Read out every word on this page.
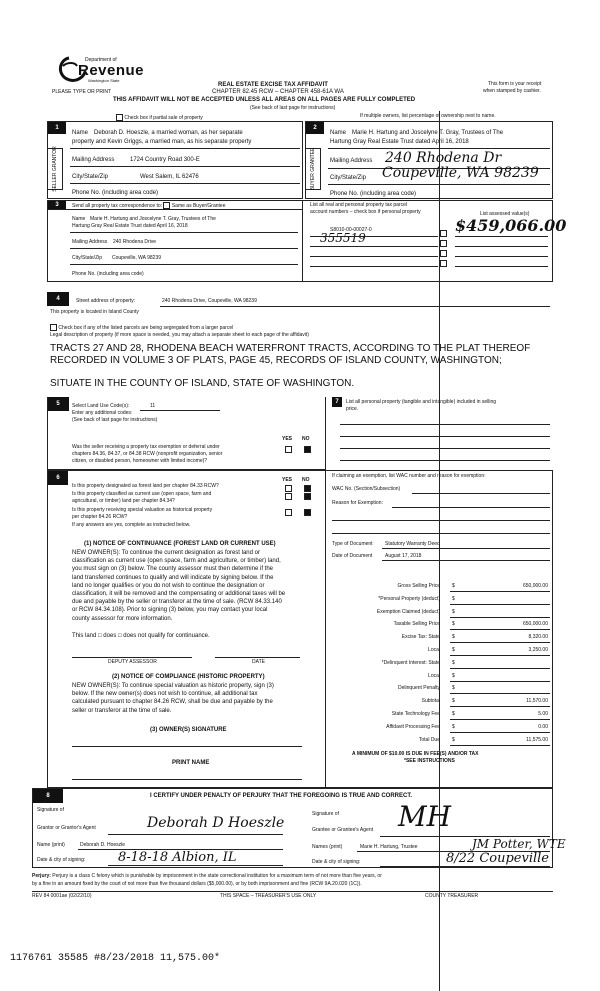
Department of
Revenue
Washington State
PLEASE TYPE OR PRINT
REAL ESTATE EXCISE TAX AFFIDAVIT
CHAPTER 82.45 RCW – CHAPTER 458-61A WA
THIS AFFIDAVIT WILL NOT BE ACCEPTED UNLESS ALL AREAS ON ALL PAGES ARE FULLY COMPLETED
(See back of last page for instructions)
This form is your receipt
when stamped by cashier.
Check box if partial sale of property	If multiple owners, list percentage of ownership next to name.
1
SELLER GRANTOR
Name Deborah D. Hoeszle, a married woman, as her separate
property and Kevin Griggs, a married man, as his separate property
Mailing Address	1724 Country Road 300-E
City/State/Zip	West Salem, IL 62476
Phone No. (including area code)
2
BUYER GRANTEE
Name Marie H. Hartung and Joscelyne T. Gray, Trustees of The
Hartung Gray Real Estate Trust dated April 16, 2018
Mailing Address 240 Rhodena Dr
City/State/Zip Coupeville, WA 98239
Phone No. (including area code)
3	Send all property tax correspondence to: Same as Buyer/Grantee
Name Marie H. Hartung and Joscelyne T. Gray, Trustees of The
Hartung Gray Real Estate Trust dated April 16, 2018
Mailing Address 240 Rhodena Drive
City/State/Zip Coupeville, WA 98239
Phone No. (including area code)
List all real and personal property tax parcel
account numbers – check box if personal property	List assessed value(s)
S8010-00-00027-0
355519
$459,066.00
4	Street address of property:	240 Rhodena Drive, Coupeville, WA 98239
This property is located in Island County
Check box if any of the listed parcels are being segregated from a larger parcel
Legal description of property (if more space is needed, you may attach a separate sheet to each page of the affidavit)
TRACTS 27 AND 28, RHODENA BEACH WATERFRONT TRACTS, ACCORDING TO THE PLAT THEREOF
RECORDED IN VOLUME 3 OF PLATS, PAGE 45, RECORDS OF ISLAND COUNTY, WASHINGTON;
SITUATE IN THE COUNTY OF ISLAND, STATE OF WASHINGTON.
5	Select Land Use Code(s):	11
Enter any additional codes:
(See back of last page for instructions)
YES NO
Was the seller receiving a property tax exemption or deferral under
chapters 84.36, 84.37, or 84.38 RCW (nonprofit organization, senior
citizen, or disabled person, homeowner with limited income)?
7	List all personal property (tangible and intangible) included in selling
price.
6	YES NO
Is this property designated as forest land per chapter 84.33 RCW?
Is this property classified as current use (open space, farm and
agricultural, or timber) land per chapter 84.34?
Is this property receiving special valuation as historical property
per chapter 84.26 RCW?
If any answers are yes, complete as instructed below.
(1) NOTICE OF CONTINUANCE (FOREST LAND OR CURRENT USE)
NEW OWNER(S): To continue the current designation as forest land or
classification as current use (open space, farm and agriculture, or timber) land,
you must sign on (3) below. The county assessor must then determine if the
land transferred continues to qualify and will indicate by signing below. If the
land no longer qualifies or you do not wish to continue the designation or
classification, it will be removed and the compensating or additional taxes will be
due and payable by the seller or transferor at the time of sale. (RCW 84.33.140
or RCW 84.34.108). Prior to signing (3) below, you may contact your local
county assessor for more information.
This land □ does □ does not qualify for continuance.
DEPUTY ASSESSOR	DATE
(2) NOTICE OF COMPLIANCE (HISTORIC PROPERTY)
NEW OWNER(S): To continue special valuation as historic property, sign (3)
below. If the new owner(s) does not wish to continue, all additional tax
calculated pursuant to chapter 84.26 RCW, shall be due and payable by the
seller or transferor at the time of sale.
(3) OWNER(S) SIGNATURE
PRINT NAME
If claiming an exemption, list WAC number and reason for exemption:
WAC No. (Section/Subsection)
Reason for Exemption:
Type of Document Statutory Warranty Deed
Date of Document	August 17, 2018
Gross Selling Price $	650,000.00
*Personal Property (deduct) $
Exemption Claimed (deduct) $
Taxable Selling Price $	650,000.00
Excise Tax: State $	8,320.00
Local $	3,250.00
*Delinquent Interest: State $
Local $
Delinquent Penalty $
Subtotal $	11,570.00
State Technology Fee $	5.00
Affidavit Processing Fee $	0.00
Total Due $	11,575.00
A MINIMUM OF $10.00 IS DUE IN FEE(S) AND/OR TAX
*SEE INSTRUCTIONS
8	I CERTIFY UNDER PENALTY OF PERJURY THAT THE FOREGOING IS TRUE AND CORRECT.
Signature of
Grantor or Grantor's Agent	Deborah D Hoeszle
Signature of
Grantee or Grantee's Agent MH
Name (print)	Deborah D. Hoeszle	Names (print)	Marie H. Hartung, Trustee	JM Potter, WTE
Date & city of signing:	8-18-18 Albion, IL	Date & city of signing:	8/22 Coupeville
Perjury: Perjury is a class C felony which is punishable by imprisonment in the state correctional institution for a maximum term of not more than five years, or
by a fine in an amount fixed by the court of not more than five thousand dollars ($5,000.00), or by both imprisonment and fine (RCW 9A.20.020 (1C)).
REV 84 0001ae (02/22/10)	THIS SPACE – TREASURER'S USE ONLY	COUNTY TREASURER
1176761 35585 #8/23/2018 11,575.00*
